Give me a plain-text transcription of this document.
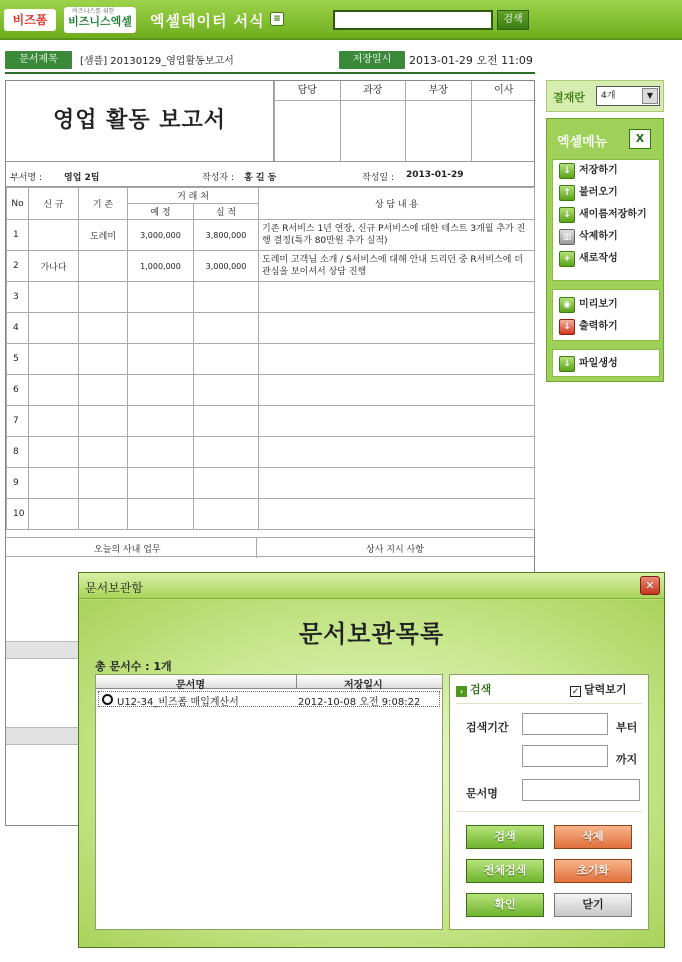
비즈폼
비즈니스를 위한
비즈니스엑셀 엑셀데이터 서식 ≡	검색
문서제목	[샘플] 20130129_영업활동보고서	저장일시	2013-01-29 오전 11:09
영업 활동 보고서
담당	과장	부장	이사
부서명 : 영업 2팀	작성자 : 홍 길 동	작성일 : 2013-01-29
No	신 규	기 존	거 래 처		상 담 내 용
			예 정	실 적	
1		도레미	3,000,000	3,800,000	기존 R서비스 1년 연장, 신규 P서비스에 대한 테스트 3개월 추가 진행 결정(특가 80만원 추가 실적)
2	가나다		1,000,000	3,000,000	도레미 고객님 소개 / S서비스에 대해 안내 드리던 중 R서비스에 더 관심을 보이셔서 상담 진행
3					
4					
5					
6					
7					
8					
9					
10					
오늘의 사내 업무	상사 지시 사항
결재란	4개	▼
엑셀메뉴	X
↓ 저장하기
↑ 불러오기
↓ 새이름저장하기
▥ 삭제하기
+ 새로작성
◉ 미리보기
↓ 출력하기
↓ 파일생성
문서보관함	✕
문서보관목록
총 문서수 : 1개
문서명	저장일시
U12-34_비즈폼 매입계산서	2012-10-08 오전 9:08:22
› 검색	✓ 달력보기
검색기간	부터
까지
문서명
검색	삭제
전체검색	초기화
확인	닫기
